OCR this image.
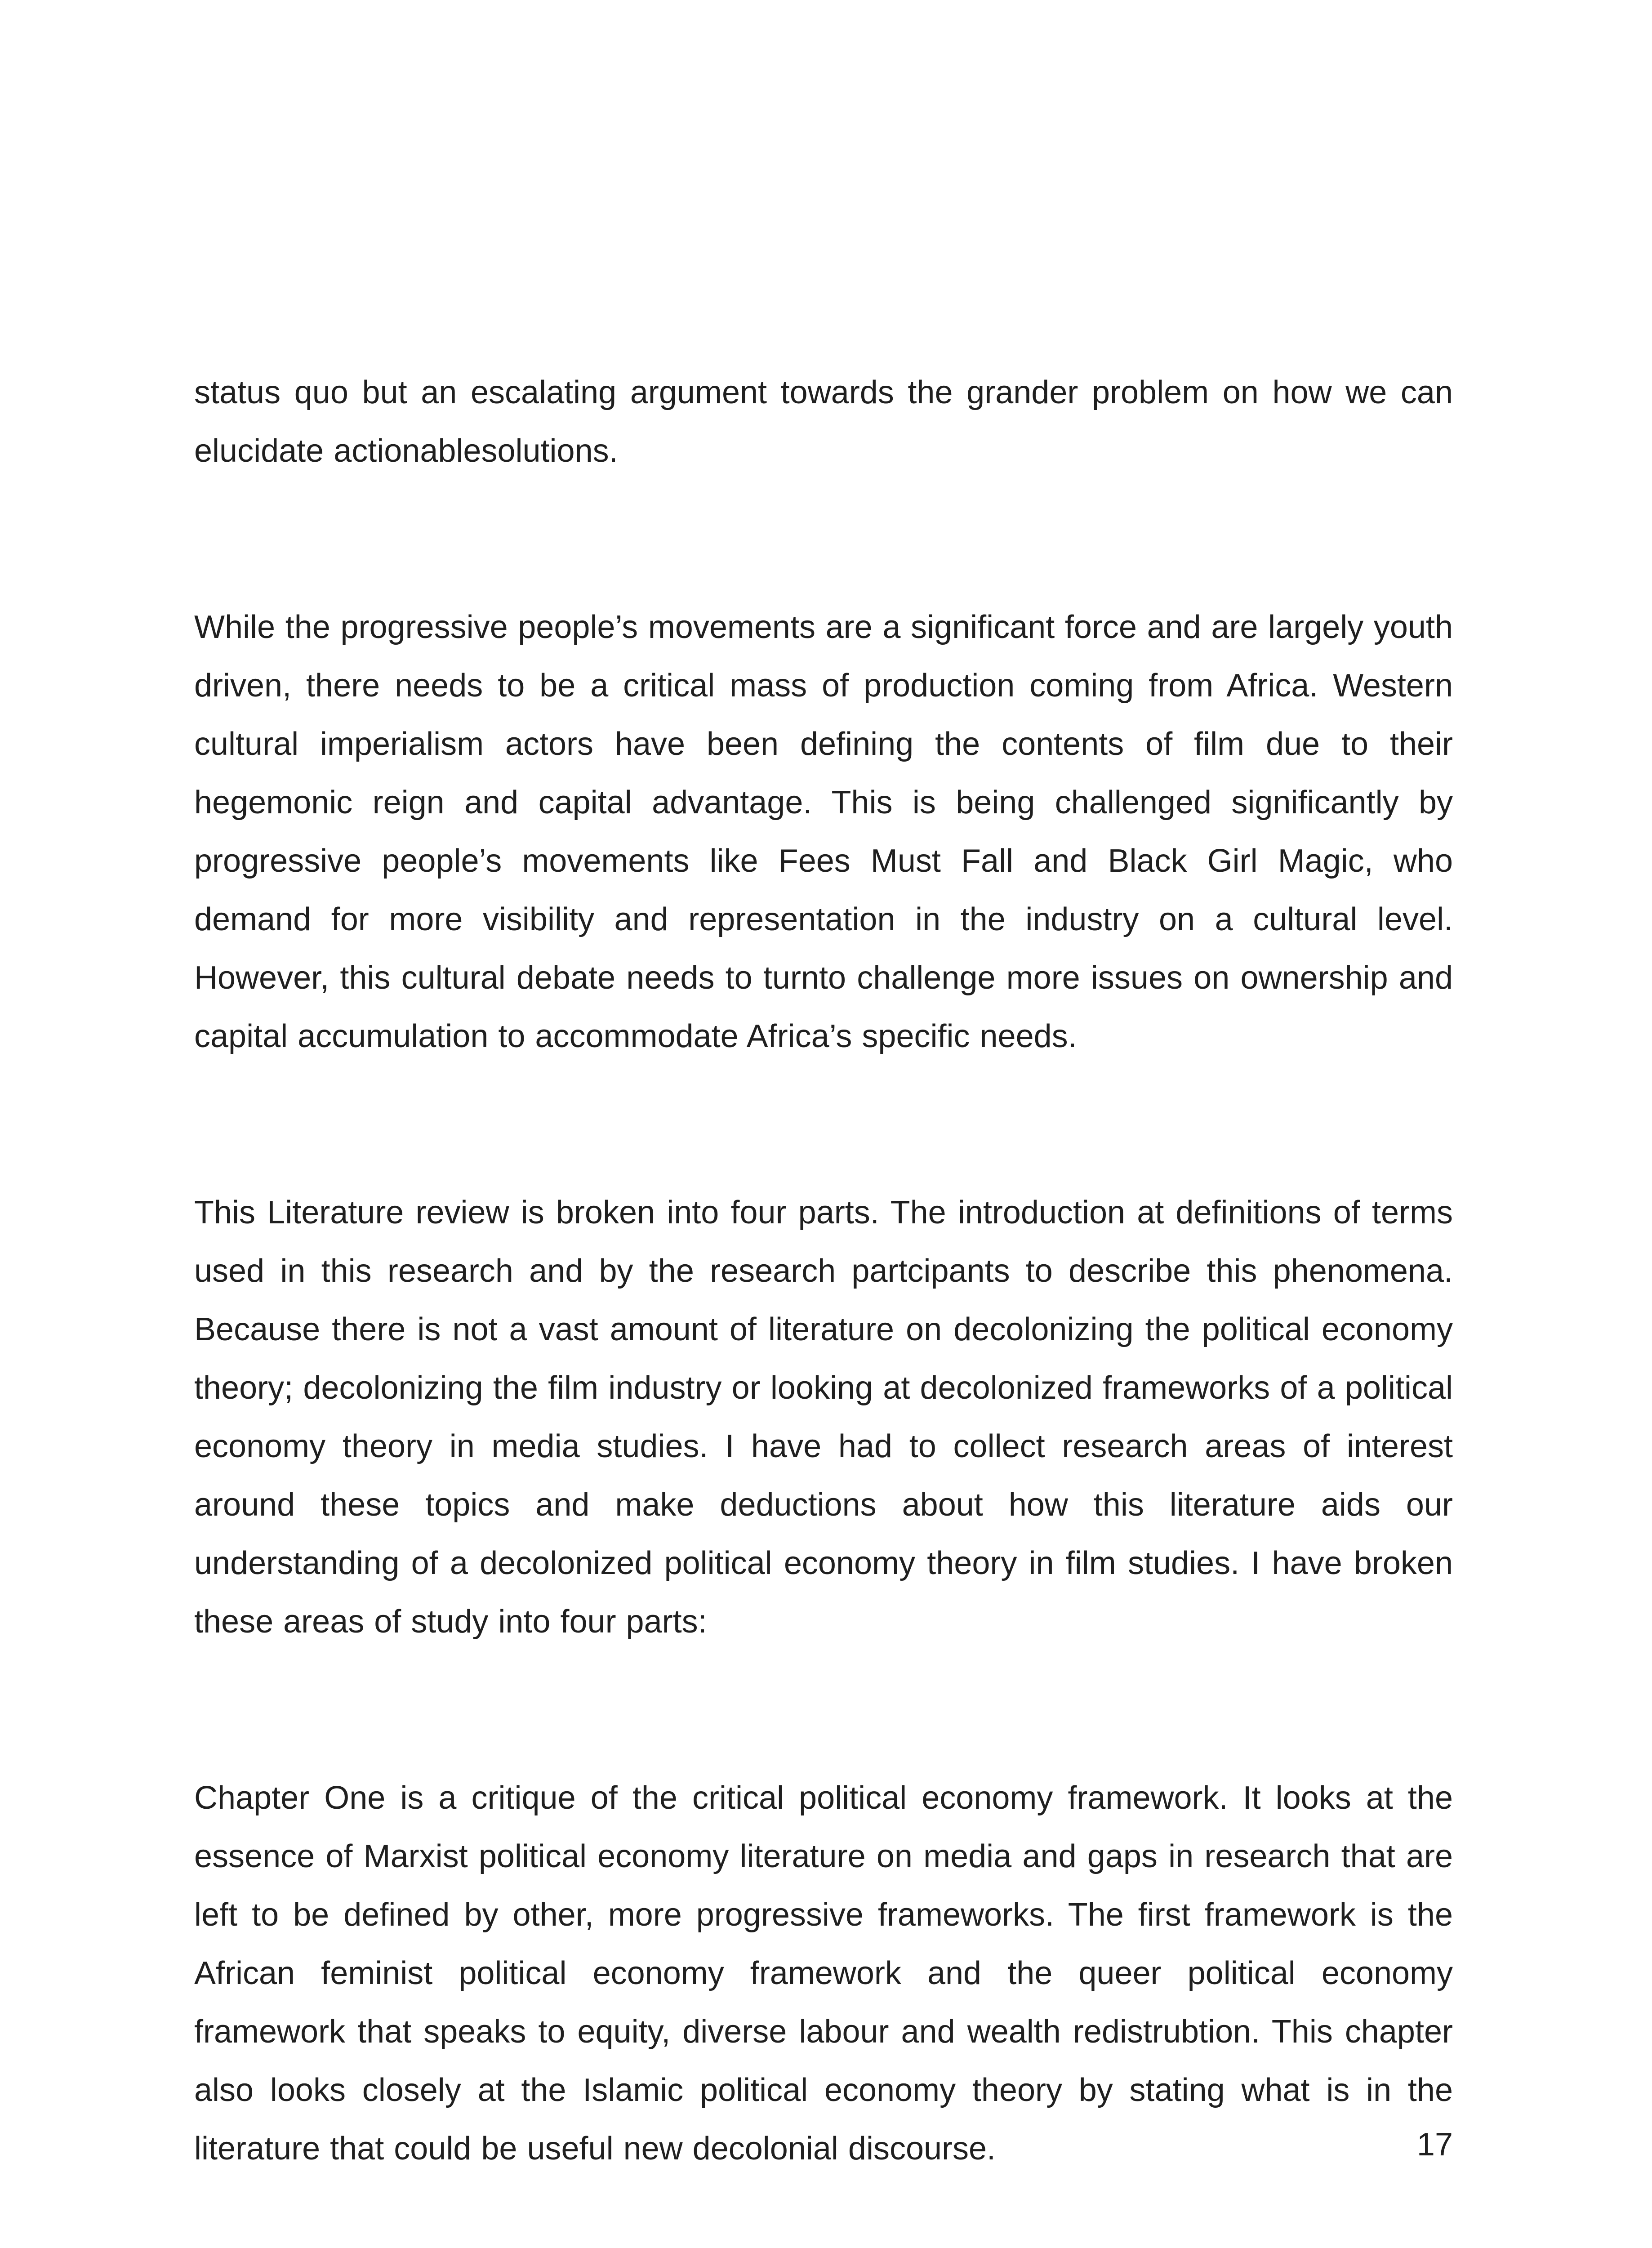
status quo but an escalating argument towards the grander problem on how we can elucidate actionablesolutions.

While the progressive people’s movements are a significant force and are largely youth driven, there needs to be a critical mass of production coming from Africa. Western cultural imperialism actors have been defining the contents of film due to their hegemonic reign and capital advantage. This is being challenged significantly by progressive people’s movements like Fees Must Fall and Black Girl Magic, who demand for more visibility and representation in the industry on a cultural level. However, this cultural debate needs to turnto challenge more issues on ownership and capital accumulation to accommodate Africa’s specific needs.

This Literature review is broken into four parts. The introduction at definitions of terms used in this research and by the research partcipants to describe this phenomena. Because there is not a vast amount of literature on decolonizing the political economy theory; decolonizing the film industry or looking at decolonized frameworks of a political economy theory in media studies. I have had to collect research areas of interest around these topics and make deductions about how this literature aids our understanding of a decolonized political economy theory in film studies. I have broken these areas of study into four parts:

Chapter One is a critique of the critical political economy framework. It looks at the essence of Marxist political economy literature on media and gaps in research that are left to be defined by other, more progressive frameworks. The first framework is the African feminist political economy framework and the queer political economy framework that speaks to equity, diverse labour and wealth redistrubtion. This chapter also looks closely at the Islamic political economy theory by stating what is in the literature that could be useful new decolonial discourse.	17
